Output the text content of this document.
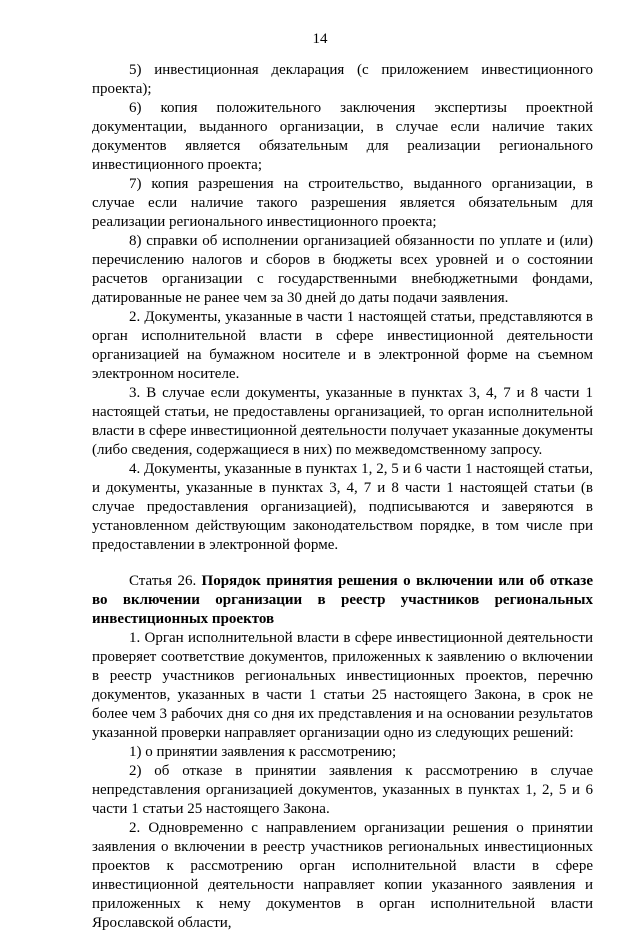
14

5) инвестиционная декларация (с приложением инвестиционного проекта);

6) копия положительного заключения экспертизы проектной документации, выданного организации, в случае если наличие таких документов является обязательным для реализации регионального инвестиционного проекта;

7) копия разрешения на строительство, выданного организации, в случае если наличие такого разрешения является обязательным для реализации регионального инвестиционного проекта;

8) справки об исполнении организацией обязанности по уплате и (или) перечислению налогов и сборов в бюджеты всех уровней и о состоянии расчетов организации с государственными внебюджетными фондами, датированные не ранее чем за 30 дней до даты подачи заявления.

2. Документы, указанные в части 1 настоящей статьи, представляются в орган исполнительной власти в сфере инвестиционной деятельности организацией на бумажном носителе и в электронной форме на съемном электронном носителе.

3. В случае если документы, указанные в пунктах 3, 4, 7 и 8 части 1 настоящей статьи, не предоставлены организацией, то орган исполнительной власти в сфере инвестиционной деятельности получает указанные документы (либо сведения, содержащиеся в них) по межведомственному запросу.

4. Документы, указанные в пунктах 1, 2, 5 и 6 части 1 настоящей статьи, и документы, указанные в пунктах 3, 4, 7 и 8 части 1 настоящей статьи (в случае предоставления организацией), подписываются и заверяются в установленном действующим законодательством порядке, в том числе при предоставлении в электронной форме.

Статья 26. Порядок принятия решения о включении или об отказе во включении организации в реестр участников региональных инвестиционных проектов

1. Орган исполнительной власти в сфере инвестиционной деятельности проверяет соответствие документов, приложенных к заявлению о включении в реестр участников региональных инвестиционных проектов, перечню документов, указанных в части 1 статьи 25 настоящего Закона, в срок не более чем 3 рабочих дня со дня их представления и на основании результатов указанной проверки направляет организации одно из следующих решений:

1) о принятии заявления к рассмотрению;

2) об отказе в принятии заявления к рассмотрению в случае непредставления организацией документов, указанных в пунктах 1, 2, 5 и 6 части 1 статьи 25 настоящего Закона.

2. Одновременно с направлением организации решения о принятии заявления о включении в реестр участников региональных инвестиционных проектов к рассмотрению орган исполнительной власти в сфере инвестиционной деятельности направляет копии указанного заявления и приложенных к нему документов в орган исполнительной власти Ярославской области,
